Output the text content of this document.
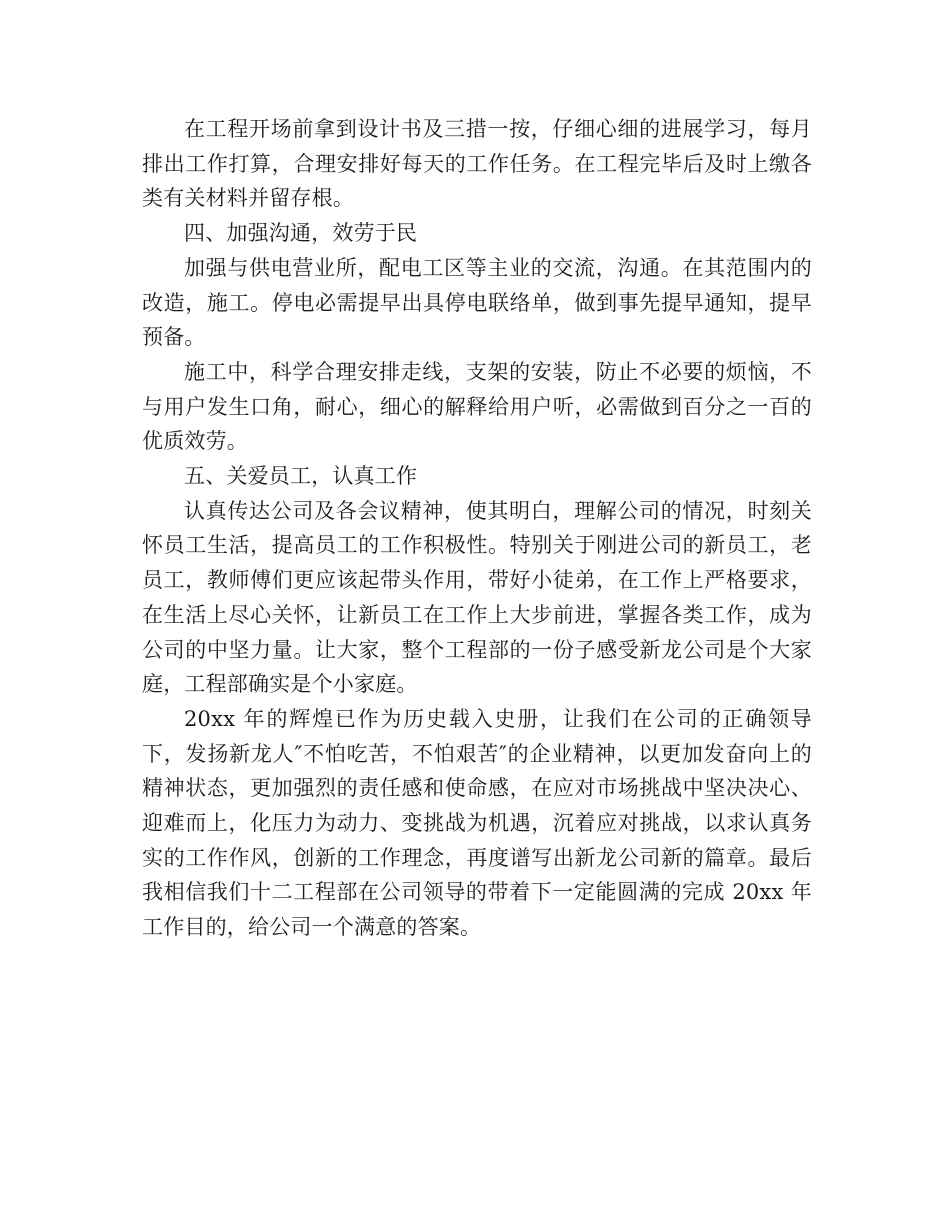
在工程开场前拿到设计书及三措一按，仔细心细的进展学习，每月排出工作打算，合理安排好每天的工作任务。在工程完毕后及时上缴各类有关材料并留存根。

四、加强沟通，效劳于民

加强与供电营业所，配电工区等主业的交流，沟通。在其范围内的改造，施工。停电必需提早出具停电联络单，做到事先提早通知，提早预备。

施工中，科学合理安排走线，支架的安装，防止不必要的烦恼，不与用户发生口角，耐心，细心的解释给用户听，必需做到百分之一百的优质效劳。

五、关爱员工，认真工作

认真传达公司及各会议精神，使其明白，理解公司的情况，时刻关怀员工生活，提高员工的工作积极性。特别关于刚进公司的新员工，老员工，教师傅们更应该起带头作用，带好小徒弟，在工作上严格要求，在生活上尽心关怀，让新员工在工作上大步前进，掌握各类工作，成为公司的中坚力量。让大家，整个工程部的一份子感受新龙公司是个大家庭，工程部确实是个小家庭。

20xx 年的辉煌已作为历史载入史册，让我们在公司的正确领导下，发扬新龙人″不怕吃苦，不怕艰苦″的企业精神，以更加发奋向上的精神状态，更加强烈的责任感和使命感，在应对市场挑战中坚决决心、迎难而上，化压力为动力、变挑战为机遇，沉着应对挑战，以求认真务实的工作作风，创新的工作理念，再度谱写出新龙公司新的篇章。最后我相信我们十二工程部在公司领导的带着下一定能圆满的完成 20xx 年工作目的，给公司一个满意的答案。
